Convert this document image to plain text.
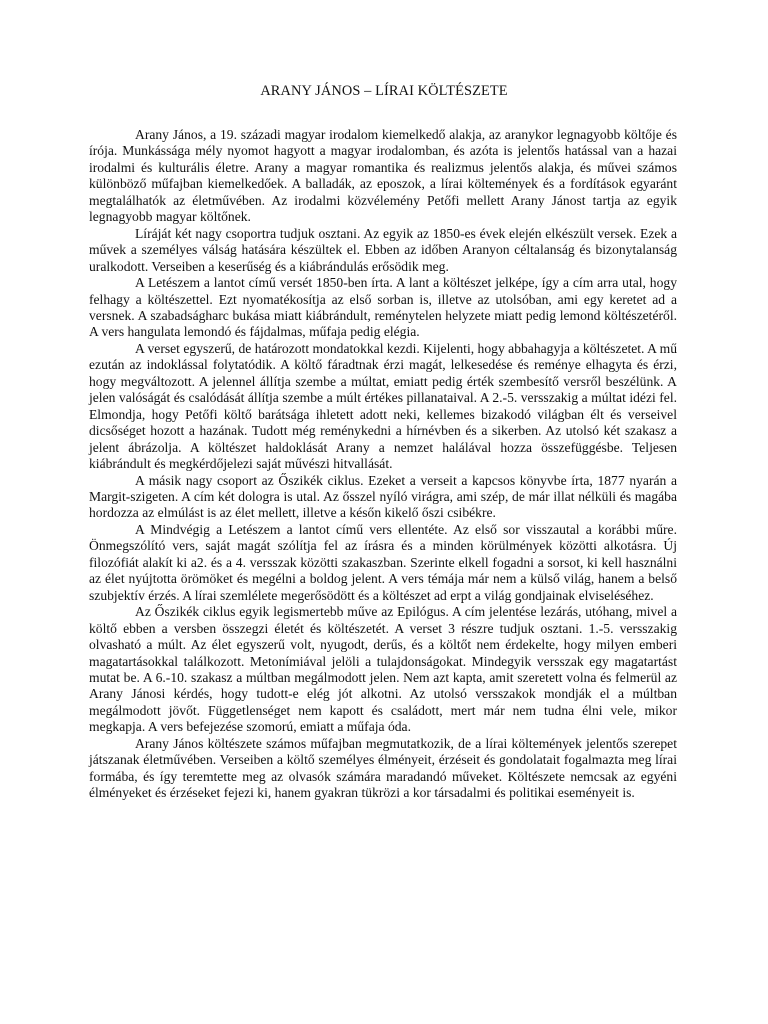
ARANY JÁNOS – LÍRAI KÖLTÉSZETE

Arany János, a 19. századi magyar irodalom kiemelkedő alakja, az aranykor legnagyobb költője és írója. Munkássága mély nyomot hagyott a magyar irodalomban, és azóta is jelentős hatással van a hazai irodalmi és kulturális életre. Arany a magyar romantika és realizmus jelentős alakja, és művei számos különböző műfajban kiemelkedőek. A balladák, az eposzok, a lírai költemények és a fordítások egyaránt megtalálhatók az életművében. Az irodalmi közvélemény Petőfi mellett Arany Jánost tartja az egyik legnagyobb magyar költőnek.

Líráját két nagy csoportra tudjuk osztani. Az egyik az 1850-es évek elején elkészült versek. Ezek a művek a személyes válság hatására készültek el. Ebben az időben Aranyon céltalanság és bizonytalanság uralkodott. Verseiben a keserűség és a kiábrándulás erősödik meg.

A Letészem a lantot című versét 1850-ben írta. A lant a költészet jelképe, így a cím arra utal, hogy felhagy a költészettel. Ezt nyomatékosítja az első sorban is, illetve az utolsóban, ami egy keretet ad a versnek. A szabadságharc bukása miatt kiábrándult, reménytelen helyzete miatt pedig lemond költészetéről. A vers hangulata lemondó és fájdalmas, műfaja pedig elégia.

A verset egyszerű, de határozott mondatokkal kezdi. Kijelenti, hogy abbahagyja a költészetet. A mű ezután az indoklással folytatódik. A költő fáradtnak érzi magát, lelkesedése és reménye elhagyta és érzi, hogy megváltozott. A jelennel állítja szembe a múltat, emiatt pedig érték szembesítő versről beszélünk. A jelen valóságát és csalódását állítja szembe a múlt értékes pillanataival. A 2.-5. versszakig a múltat idézi fel. Elmondja, hogy Petőfi költő barátsága ihletett adott neki, kellemes bizakodó világban élt és verseivel dicsőséget hozott a hazának. Tudott még reménykedni a hírnévben és a sikerben. Az utolsó két szakasz a jelent ábrázolja. A költészet haldoklását Arany a nemzet halálával hozza összefüggésbe. Teljesen kiábrándult és megkérdőjelezi saját művészi hitvallását.

A másik nagy csoport az Őszikék ciklus. Ezeket a verseit a kapcsos könyvbe írta, 1877 nyarán a Margit-szigeten. A cím két dologra is utal. Az ősszel nyíló virágra, ami szép, de már illat nélküli és magába hordozza az elmúlást is az élet mellett, illetve a későn kikelő őszi csibékre.

A Mindvégig a Letészem a lantot című vers ellentéte. Az első sor visszautal a korábbi műre. Önmegszólító vers, saját magát szólítja fel az írásra és a minden körülmények közötti alkotásra. Új filozófiát alakít ki a2. és a 4. versszak közötti szakaszban. Szerinte elkell fogadni a sorsot, ki kell használni az élet nyújtotta örömöket és megélni a boldog jelent. A vers témája már nem a külső világ, hanem a belső szubjektív érzés. A lírai szemlélete megerősödött és a költészet ad erpt a világ gondjainak elviseléséhez.

Az Őszikék ciklus egyik legismertebb műve az Epilógus. A cím jelentése lezárás, utóhang, mivel a költő ebben a versben összegzi életét és költészetét. A verset 3 részre tudjuk osztani. 1.-5. versszakig olvasható a múlt. Az élet egyszerű volt, nyugodt, derűs, és a költőt nem érdekelte, hogy milyen emberi magatartásokkal találkozott. Metonímiával jelöli a tulajdonságokat. Mindegyik versszak egy magatartást mutat be. A 6.-10. szakasz a múltban megálmodott jelen. Nem azt kapta, amit szeretett volna és felmerül az Arany Jánosi kérdés, hogy tudott-e elég jót alkotni. Az utolsó versszakok mondják el a múltban megálmodott jövőt. Függetlenséget nem kapott és családott, mert már nem tudna élni vele, mikor megkapja. A vers befejezése szomorú, emiatt a műfaja óda.

Arany János költészete számos műfajban megmutatkozik, de a lírai költemények jelentős szerepet játszanak életművében. Verseiben a költő személyes élményeit, érzéseit és gondolatait fogalmazta meg lírai formába, és így teremtette meg az olvasók számára maradandó műveket. Költészete nemcsak az egyéni élményeket és érzéseket fejezi ki, hanem gyakran tükrözi a kor társadalmi és politikai eseményeit is.
